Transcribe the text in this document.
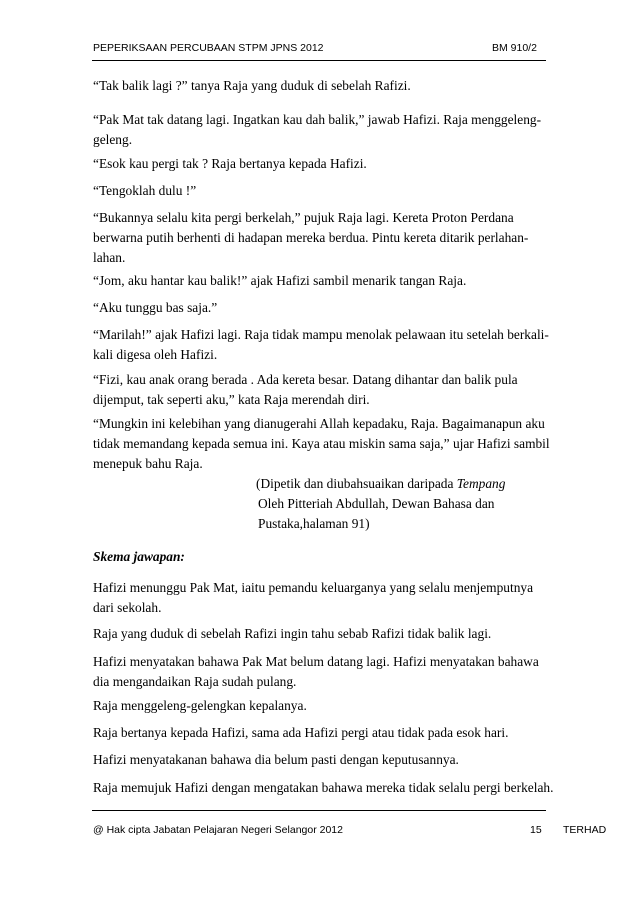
PEPERIKSAAN PERCUBAAN STPM JPNS 2012	BM 910/2
“Tak balik lagi ?” tanya Raja yang duduk di sebelah Rafizi.
“Pak Mat tak datang lagi. Ingatkan kau dah balik,” jawab Hafizi. Raja menggeleng-
geleng.
“Esok kau pergi tak ? Raja bertanya kepada Hafizi.
“Tengoklah dulu !”
“Bukannya selalu kita pergi berkelah,” pujuk Raja lagi. Kereta Proton Perdana
berwarna putih berhenti di hadapan mereka berdua. Pintu kereta ditarik perlahan-
lahan.
“Jom, aku hantar kau balik!” ajak Hafizi sambil menarik tangan Raja.
“Aku tunggu bas saja.”
“Marilah!” ajak Hafizi lagi. Raja tidak mampu menolak pelawaan itu setelah berkali-
kali digesa oleh Hafizi.
“Fizi, kau anak orang berada . Ada kereta besar. Datang dihantar dan balik pula
dijemput, tak seperti aku,” kata Raja merendah diri.
“Mungkin ini kelebihan yang dianugerahi Allah kepadaku, Raja. Bagaimanapun aku
tidak memandang kepada semua ini. Kaya atau miskin sama saja,” ujar Hafizi sambil
menepuk bahu Raja.
(Dipetik dan diubahsuaikan daripada Tempang
Oleh Pitteriah Abdullah, Dewan Bahasa dan
Pustaka,halaman 91)
Skema jawapan:
Hafizi menunggu Pak Mat, iaitu pemandu keluarganya yang selalu menjemputnya
dari sekolah.
Raja yang duduk di sebelah Rafizi ingin tahu sebab Rafizi tidak balik lagi.
Hafizi menyatakan bahawa Pak Mat belum datang lagi. Hafizi menyatakan bahawa
dia mengandaikan Raja sudah pulang.
Raja menggeleng-gelengkan kepalanya.
Raja bertanya kepada Hafizi, sama ada Hafizi pergi atau tidak pada esok hari.
Hafizi menyatakanan bahawa dia belum pasti dengan keputusannya.
Raja memujuk Hafizi dengan mengatakan bahawa mereka tidak selalu pergi berkelah.
@ Hak cipta Jabatan Pelajaran Negeri Selangor 2012	15 TERHAD
